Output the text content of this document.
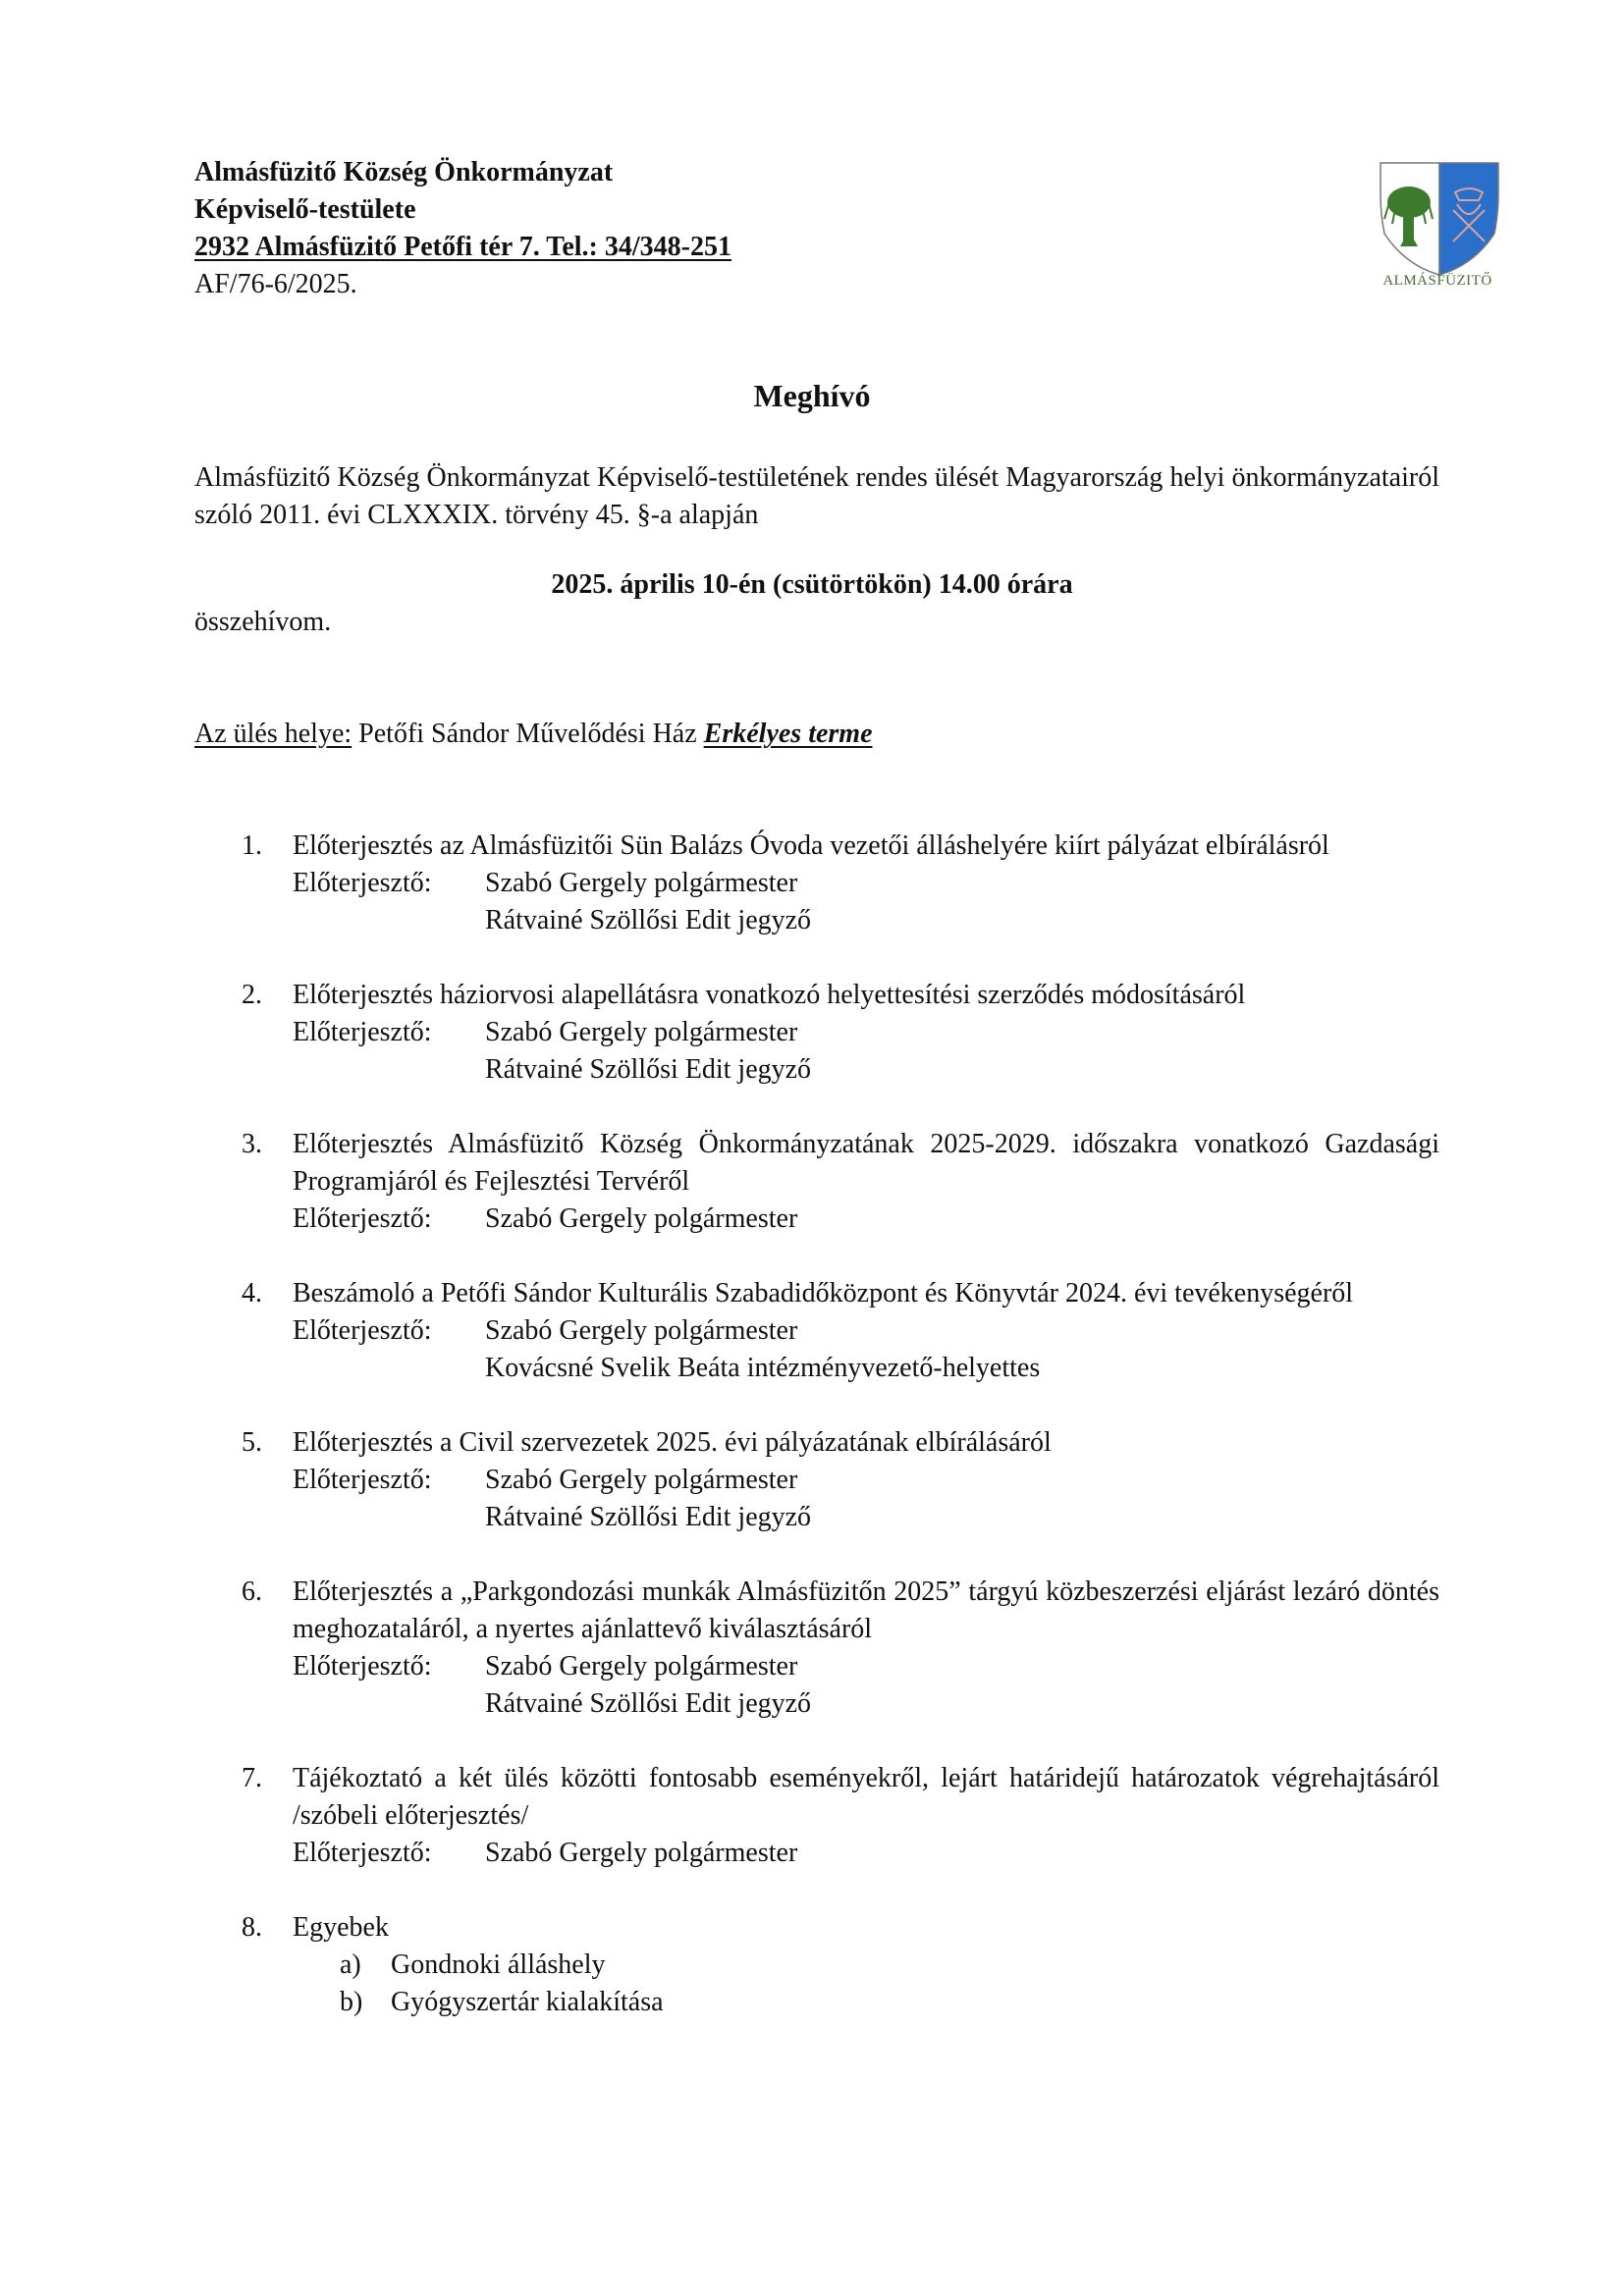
Almásfüzitő Község Önkormányzat
Képviselő-testülete
2932 Almásfüzitő Petőfi tér 7. Tel.: 34/348-251
AF/76-6/2025.	ALMÁSFÜZITŐ
Meghívó
Almásfüzitő Község Önkormányzat Képviselő-testületének rendes ülését Magyarország helyi önkormányzatairól szóló 2011. évi CLXXXIX. törvény 45. §-a alapján
2025. április 10-én (csütörtökön) 14.00 órára
összehívom.
Az ülés helye: Petőfi Sándor Művelődési Ház Erkélyes terme
1. Előterjesztés az Almásfüzitői Sün Balázs Óvoda vezetői álláshelyére kiírt pályázat elbírálásról
Előterjesztő:	Szabó Gergely polgármester
Rátvainé Szöllősi Edit jegyző
2. Előterjesztés háziorvosi alapellátásra vonatkozó helyettesítési szerződés módosításáról
Előterjesztő:	Szabó Gergely polgármester
Rátvainé Szöllősi Edit jegyző
3. Előterjesztés Almásfüzitő Község Önkormányzatának 2025-2029. időszakra vonatkozó Gazdasági Programjáról és Fejlesztési Tervéről
Előterjesztő:	Szabó Gergely polgármester
4. Beszámoló a Petőfi Sándor Kulturális Szabadidőközpont és Könyvtár 2024. évi tevékenységéről
Előterjesztő:	Szabó Gergely polgármester
Kovácsné Svelik Beáta intézményvezető-helyettes
5. Előterjesztés a Civil szervezetek 2025. évi pályázatának elbírálásáról
Előterjesztő:	Szabó Gergely polgármester
Rátvainé Szöllősi Edit jegyző
6. Előterjesztés a „Parkgondozási munkák Almásfüzitőn 2025” tárgyú közbeszerzési eljárást lezáró döntés meghozataláról, a nyertes ajánlattevő kiválasztásáról
Előterjesztő:	Szabó Gergely polgármester
Rátvainé Szöllősi Edit jegyző
7. Tájékoztató a két ülés közötti fontosabb eseményekről, lejárt határidejű határozatok végrehajtásáról /szóbeli előterjesztés/
Előterjesztő:	Szabó Gergely polgármester
8. Egyebek
a) Gondnoki álláshely
b) Gyógyszertár kialakítása
